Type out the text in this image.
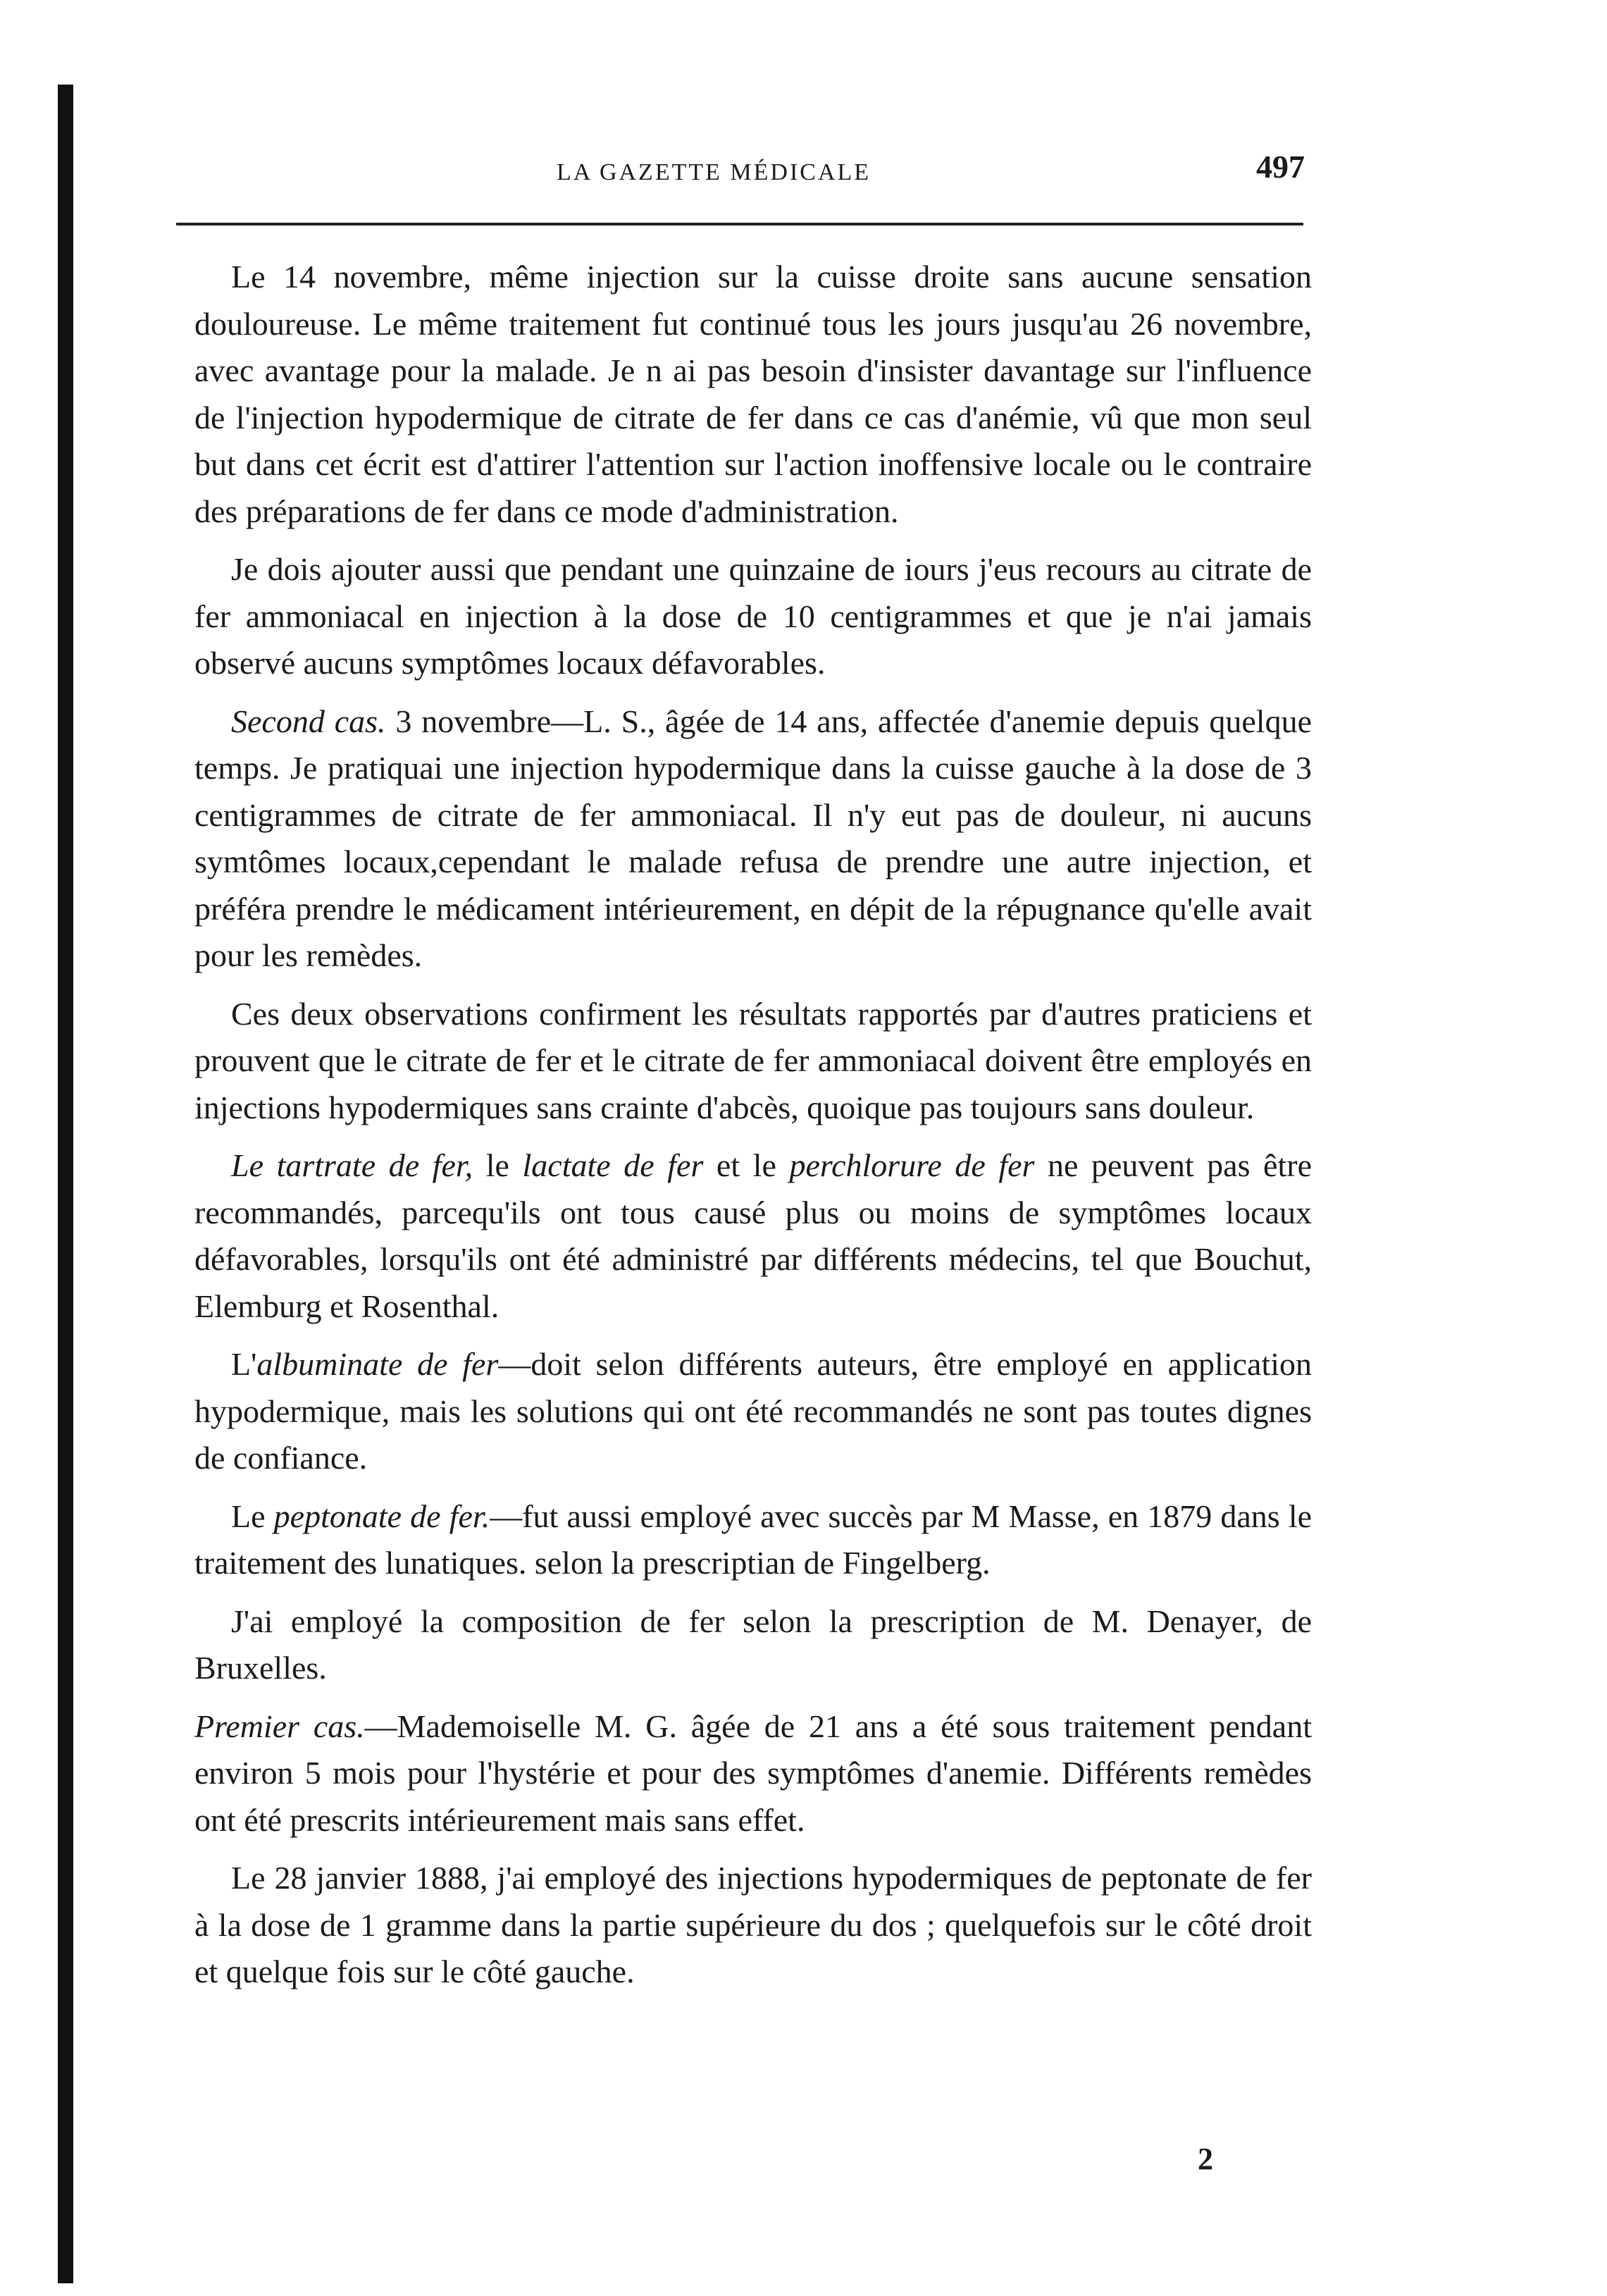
LA GAZETTE MÉDICALE	497

Le 14 novembre, même injection sur la cuisse droite sans aucune sensation douloureuse. Le même traitement fut continué tous les jours jusqu'au 26 novembre, avec avantage pour la malade. Je n ai pas besoin d'insister davantage sur l'influence de l'injection hypodermique de citrate de fer dans ce cas d'anémie, vû que mon seul but dans cet écrit est d'attirer l'attention sur l'action inoffensive locale ou le contraire des préparations de fer dans ce mode d'administration.

Je dois ajouter aussi que pendant une quinzaine de iours j'eus recours au citrate de fer ammoniacal en injection à la dose de 10 centigrammes et que je n'ai jamais observé aucuns symptômes locaux défavorables.

Second cas. 3 novembre—L. S., âgée de 14 ans, affectée d'anemie depuis quelque temps. Je pratiquai une injection hypodermique dans la cuisse gauche à la dose de 3 centigrammes de citrate de fer ammoniacal. Il n'y eut pas de douleur, ni aucuns symtômes locaux,cependant le malade refusa de prendre une autre injection, et préféra prendre le médicament intérieurement, en dépit de la répugnance qu'elle avait pour les remèdes.

Ces deux observations confirment les résultats rapportés par d'autres praticiens et prouvent que le citrate de fer et le citrate de fer ammoniacal doivent être employés en injections hypodermiques sans crainte d'abcès, quoique pas toujours sans douleur.

Le tartrate de fer, le lactate de fer et le perchlorure de fer ne peuvent pas être recommandés, parcequ'ils ont tous causé plus ou moins de symptômes locaux défavorables, lorsqu'ils ont été administré par différents médecins, tel que Bouchut, Elemburg et Rosenthal.

L'albuminate de fer—doit selon différents auteurs, être employé en application hypodermique, mais les solutions qui ont été recommandés ne sont pas toutes dignes de confiance.

Le peptonate de fer.—fut aussi employé avec succès par M Masse, en 1879 dans le traitement des lunatiques. selon la prescriptian de Fingelberg.

J'ai employé la composition de fer selon la prescription de M. Denayer, de Bruxelles.

Premier cas.—Mademoiselle M. G. âgée de 21 ans a été sous traitement pendant environ 5 mois pour l'hystérie et pour des symptômes d'anemie. Différents remèdes ont été prescrits intérieurement mais sans effet.

Le 28 janvier 1888, j'ai employé des injections hypodermiques de peptonate de fer à la dose de 1 gramme dans la partie supérieure du dos ; quelquefois sur le côté droit et quelque fois sur le côté gauche.

2
